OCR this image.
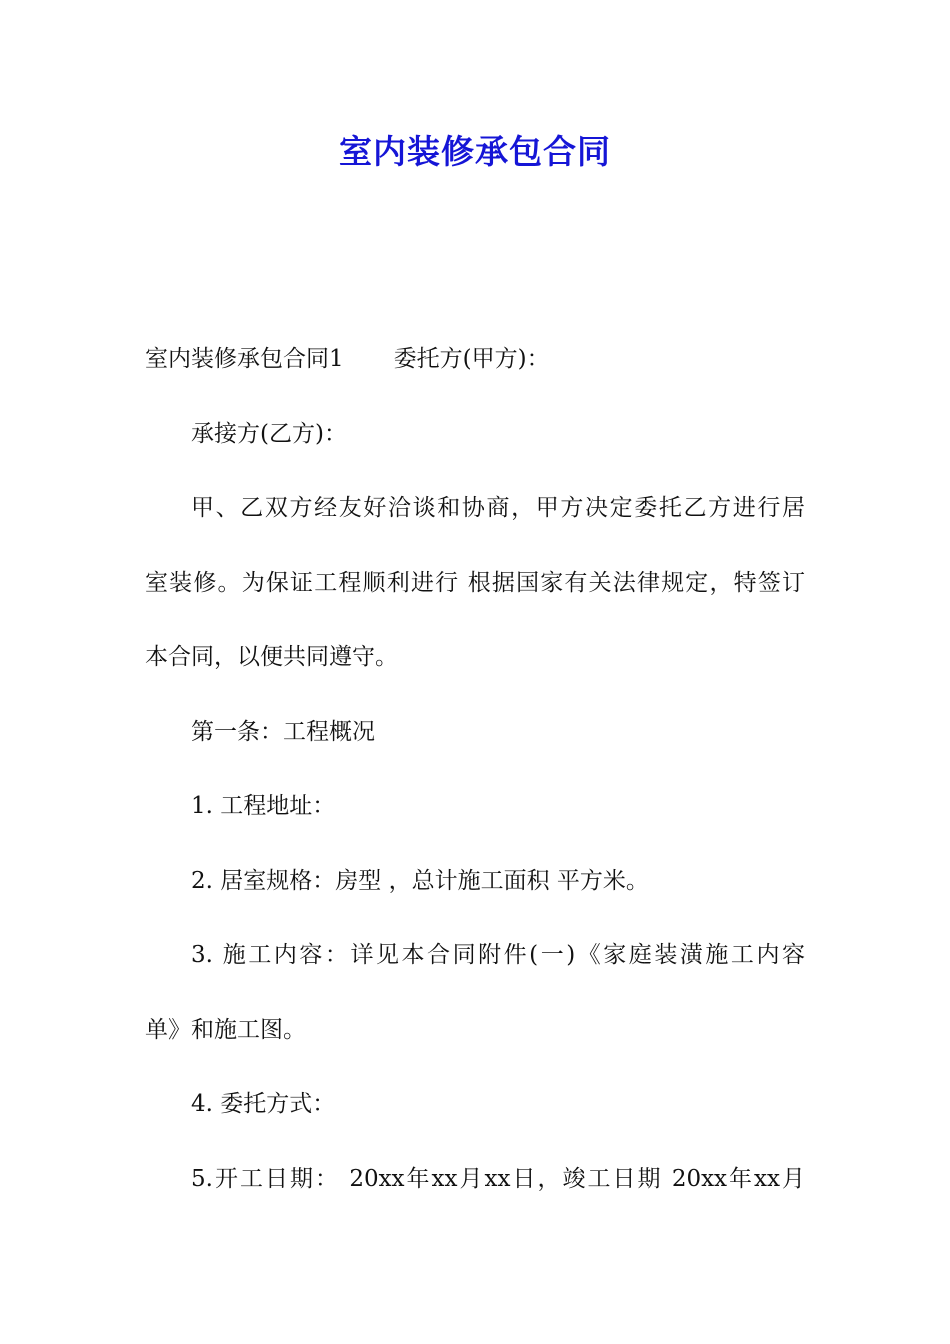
室内装修承包合同
室内装修承包合同1 委托方(甲方)：
承接方(乙方)：
甲、乙双方经友好洽谈和协商，甲方决定委托乙方进行居
室装修。为保证工程顺利进行 根据国家有关法律规定，特签订
本合同，以便共同遵守。
第一条：工程概况
1. 工程地址：
2. 居室规格：房型 ，总计施工面积 平方米。
3. 施工内容：详见本合同附件(一)《家庭装潢施工内容
单》和施工图。
4. 委托方式：
5.开工日期： 20xx年xx月xx日，竣工日期 20xx年xx月
